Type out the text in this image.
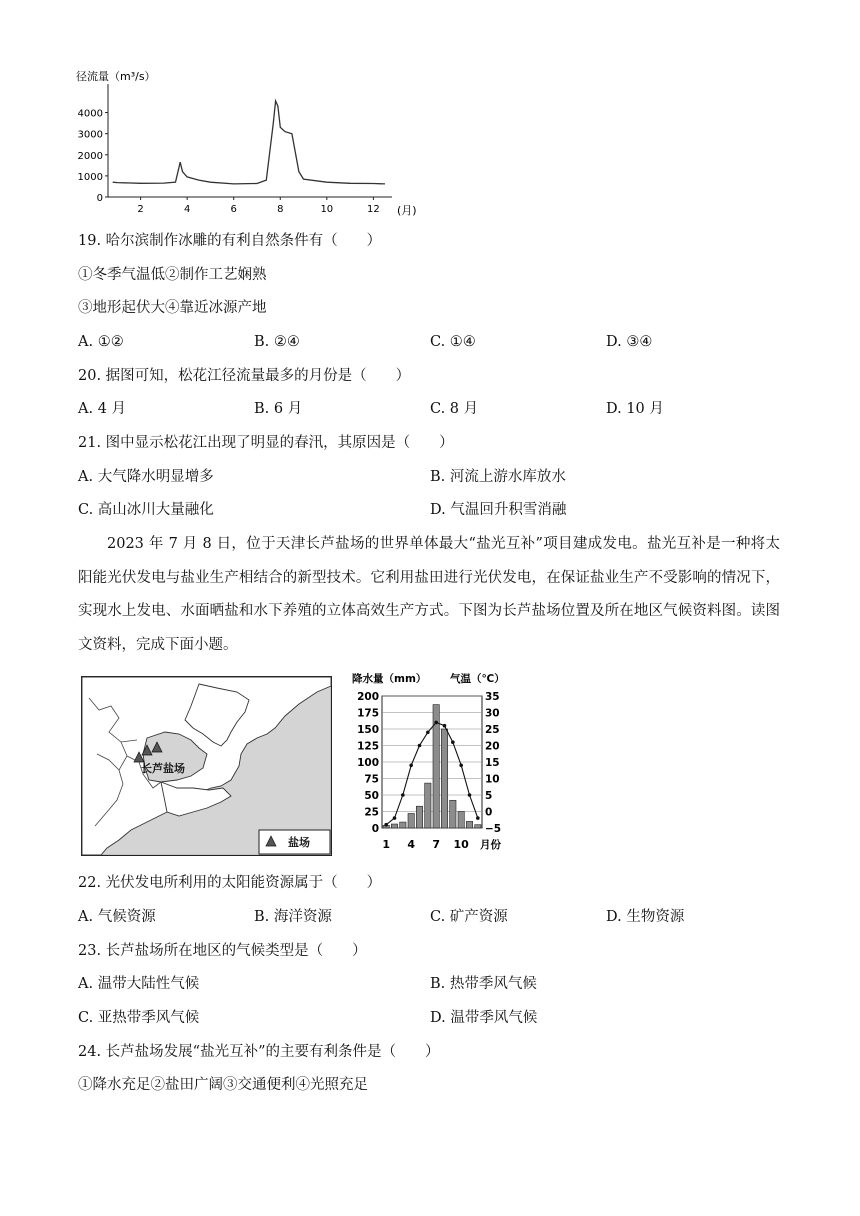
径流量（m³/s）
0
1000
2000
3000
4000
2	4	6	8	10	12 (月)
19. 哈尔滨制作冰雕的有利自然条件有（　　）
①冬季气温低②制作工艺娴熟
③地形起伏大④靠近冰源产地
A. ①②	B. ②④	C. ①④	D. ③④
20. 据图可知，松花江径流量最多的月份是（　　）
A. 4 月	B. 6 月	C. 8 月	D. 10 月
21. 图中显示松花江出现了明显的春汛，其原因是（　　）
A. 大气降水明显增多	B. 河流上游水库放水
C. 高山冰川大量融化	D. 气温回升积雪消融
2023 年 7 月 8 日，位于天津长芦盐场的世界单体最大“盐光互补”项目建成发电。盐光互补是一种将太阳能光伏发电与盐业生产相结合的新型技术。它利用盐田进行光伏发电，在保证盐业生产不受影响的情况下，实现水上发电、水面晒盐和水下养殖的立体高效生产方式。下图为长芦盐场位置及所在地区气候资料图。读图文资料，完成下面小题。
长芦盐场
盐场
降水量（mm） 气温（℃）
200
175
150
125
100
75
50
25
0
35
30
25
20
15
10
5
0
−5
1 4 7 10 月份
22. 光伏发电所利用的太阳能资源属于（　　）
A. 气候资源	B. 海洋资源	C. 矿产资源	D. 生物资源
23. 长芦盐场所在地区的气候类型是（　　）
A. 温带大陆性气候	B. 热带季风气候
C. 亚热带季风气候	D. 温带季风气候
24. 长芦盐场发展“盐光互补”的主要有利条件是（　　）
①降水充足②盐田广阔③交通便利④光照充足
